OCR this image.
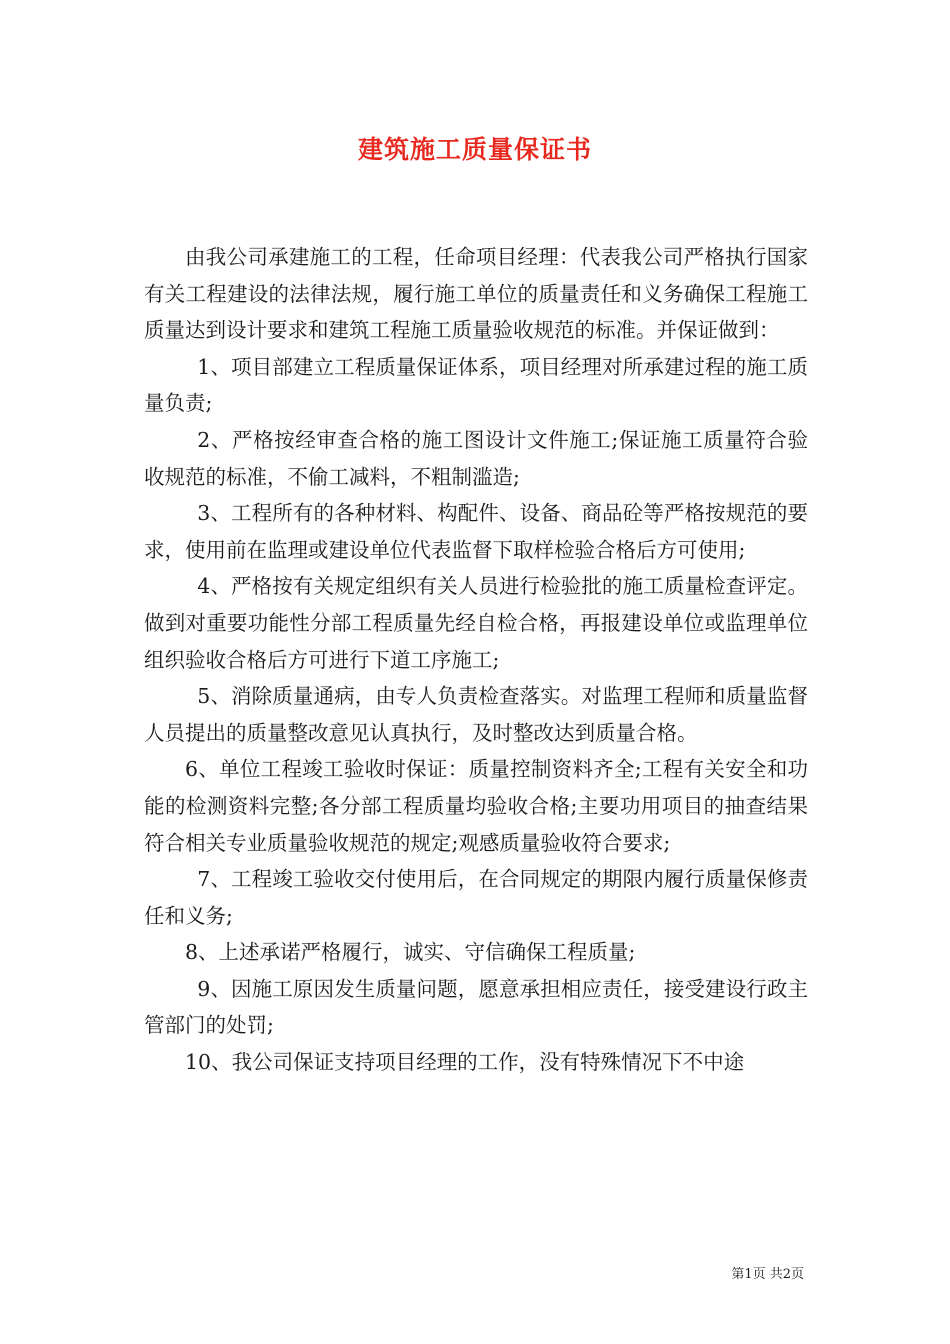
建筑施工质量保证书

由我公司承建施工的工程，任命项目经理：代表我公司严格执行国家有关工程建设的法律法规，履行施工单位的质量责任和义务确保工程施工质量达到设计要求和建筑工程施工质量验收规范的标准。并保证做到：

1、项目部建立工程质量保证体系，项目经理对所承建过程的施工质量负责;

2、严格按经审查合格的施工图设计文件施工;保证施工质量符合验收规范的标准，不偷工减料，不粗制滥造;

3、工程所有的各种材料、构配件、设备、商品砼等严格按规范的要求，使用前在监理或建设单位代表监督下取样检验合格后方可使用;

4、严格按有关规定组织有关人员进行检验批的施工质量检查评定。做到对重要功能性分部工程质量先经自检合格，再报建设单位或监理单位组织验收合格后方可进行下道工序施工;

5、消除质量通病，由专人负责检查落实。对监理工程师和质量监督人员提出的质量整改意见认真执行，及时整改达到质量合格。

6、单位工程竣工验收时保证：质量控制资料齐全;工程有关安全和功能的检测资料完整;各分部工程质量均验收合格;主要功用项目的抽查结果符合相关专业质量验收规范的规定;观感质量验收符合要求;

7、工程竣工验收交付使用后，在合同规定的期限内履行质量保修责任和义务;

8、上述承诺严格履行，诚实、守信确保工程质量;

9、因施工原因发生质量问题，愿意承担相应责任，接受建设行政主管部门的处罚;

10、我公司保证支持项目经理的工作，没有特殊情况下不中途

第1页 共2页
